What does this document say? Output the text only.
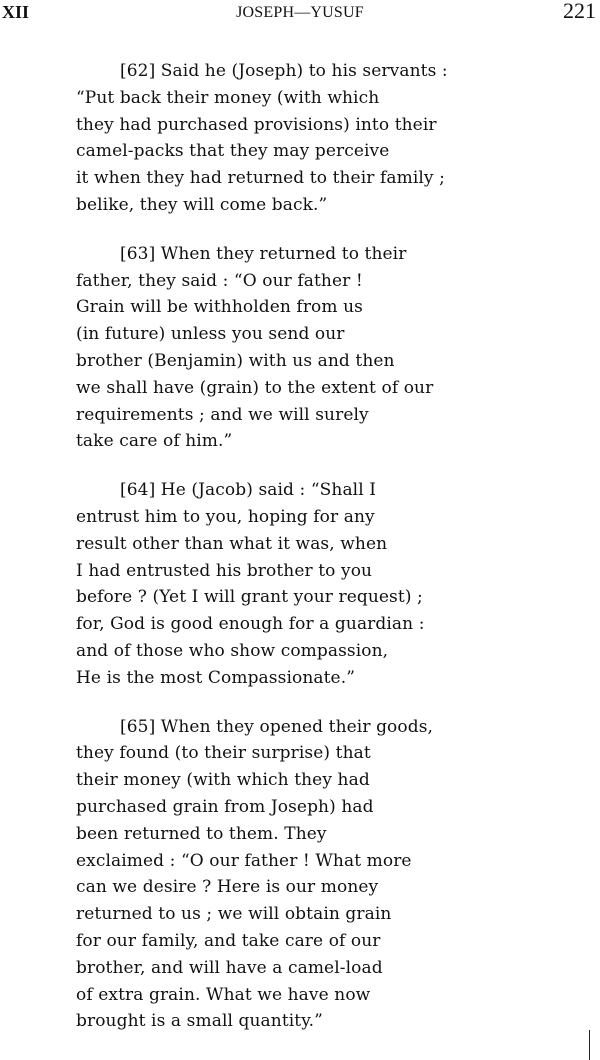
XII	JOSEPH—YUSUF	221
[62] Said he (Joseph) to his servants :
“Put back their money (with which
they had purchased provisions) into their
camel-packs that they may perceive
it when they had returned to their family ;
belike, they will come back.”
[63] When they returned to their
father, they said : “O our father !
Grain will be withholden from us
(in future) unless you send our
brother (Benjamin) with us and then
we shall have (grain) to the extent of our
requirements ; and we will surely
take care of him.”
[64] He (Jacob) said : “Shall I
entrust him to you, hoping for any
result other than what it was, when
I had entrusted his brother to you
before ? (Yet I will grant your request) ;
for, God is good enough for a guardian :
and of those who show compassion,
He is the most Compassionate.”
[65] When they opened their goods,
they found (to their surprise) that
their money (with which they had
purchased grain from Joseph) had
been returned to them. They
exclaimed : “O our father ! What more
can we desire ? Here is our money
returned to us ; we will obtain grain
for our family, and take care of our
brother, and will have a camel-load
of extra grain. What we have now
brought is a small quantity.”
